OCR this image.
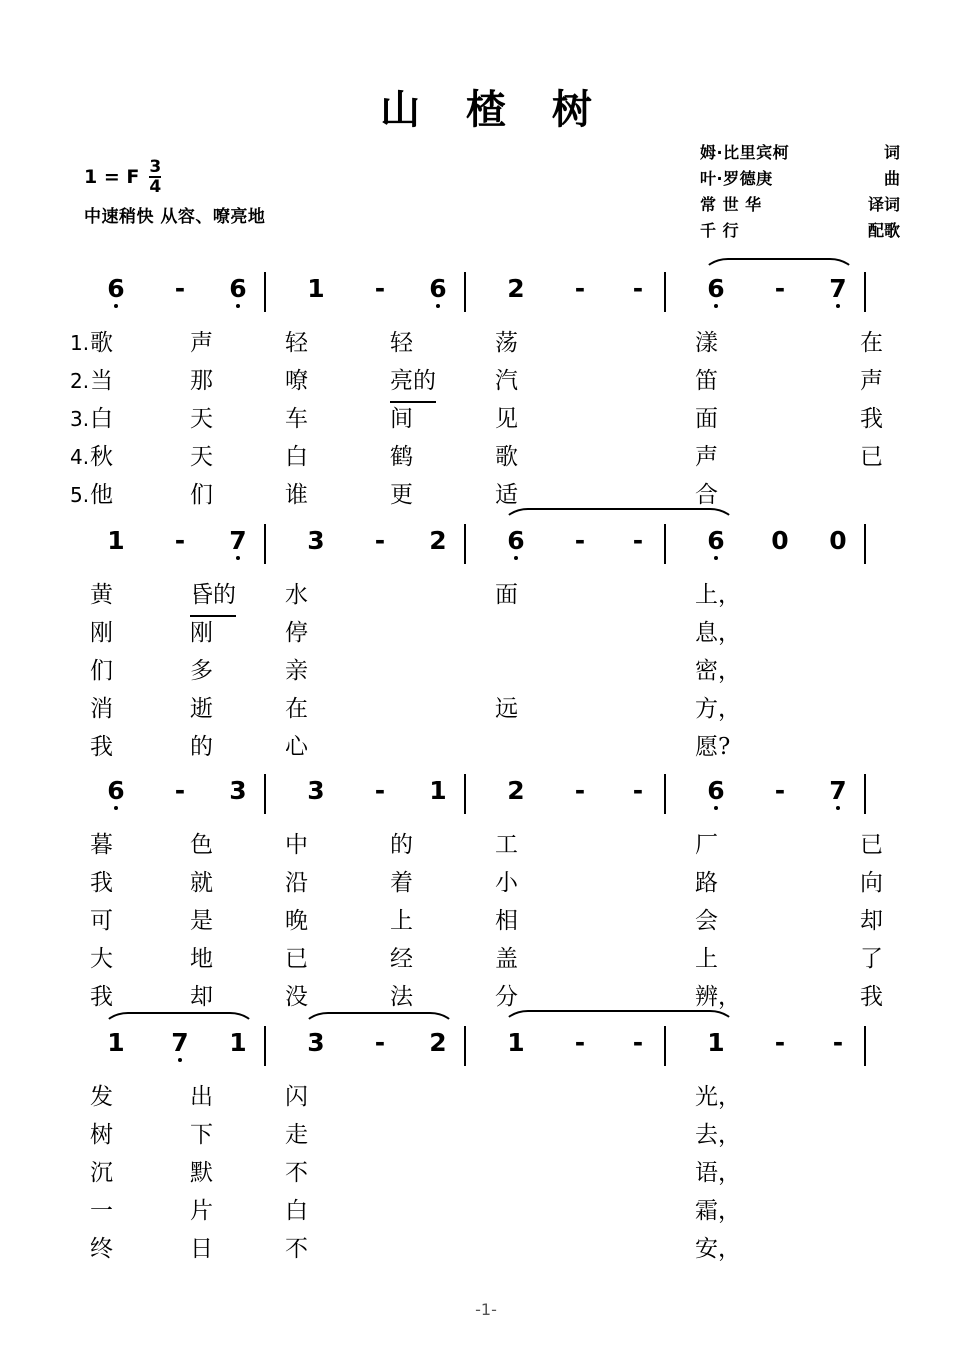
山 楂 树
姆·比里宾柯	词
叶·罗德庚	曲
常 世 华	译词
千 行	配歌
1 = F $\frac{3}{4}$
中速稍快 从容、嘹亮地
6	-	6 1	-	6 2	-	-	6	-	7
1. 歌	声	轻	轻	荡	漾	在
2. 当	那	嘹	亮的	汽	笛	声
3. 白	天	车	间	见	面	我
4. 秋	天	白	鹤	歌	声	已
5. 他	们	谁	更	适	合
1	-	7 3	-	2 6	-	-	6 0 0
黄	昏的 水	面	上，
刚	刚	停	息，
们	多	亲	密，
消	逝	在	远	方，
我	的	心	愿?
6	-	3 3	-	1 2	-	-	6	-	7
暮	色	中	的	工	厂	已
我	就	沿	着	小	路	向
可	是	晚	上	相	会	却
大	地	已	经	盖	上	了
我	却	没	法	分	辨，	我
1 7 1 3	-	2 1	-	-	1	-	-
发	出	闪	光，
树	下	走	去，
沉	默	不	语，
一	片	白	霜，
终	日	不	安，
-1-
